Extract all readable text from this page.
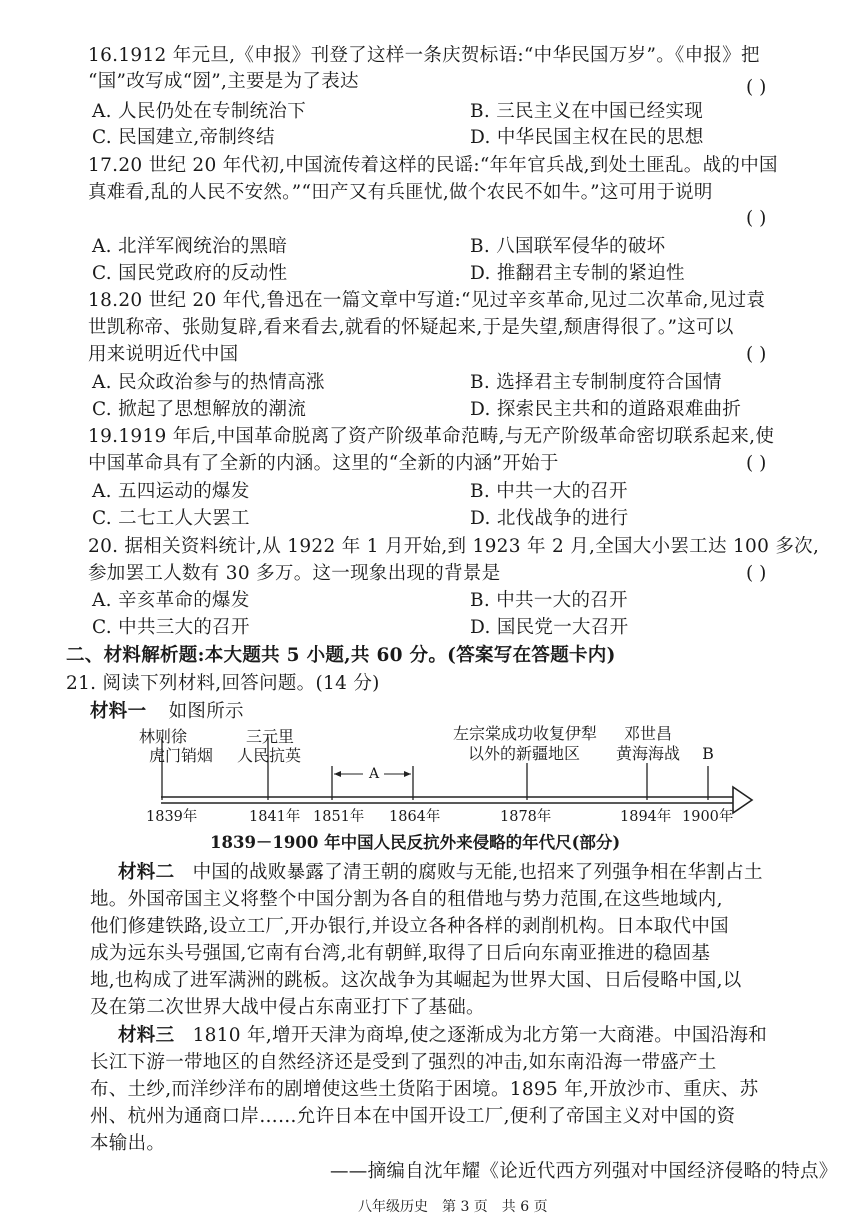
16.1912 年元旦,《申报》刊登了这样一条庆贺标语:“中华民国万岁”。《申报》把
“国”改写成“圀”,主要是为了表达	( )
A. 人民仍处在专制统治下	B. 三民主义在中国已经实现
C. 民国建立,帝制终结	D. 中华民国主权在民的思想
17.20 世纪 20 年代初,中国流传着这样的民谣:“年年官兵战,到处土匪乱。战的中国
真难看,乱的人民不安然。”“田产又有兵匪忧,做个农民不如牛。”这可用于说明
( )
A. 北洋军阀统治的黑暗	B. 八国联军侵华的破坏
C. 国民党政府的反动性	D. 推翻君主专制的紧迫性
18.20 世纪 20 年代,鲁迅在一篇文章中写道:“见过辛亥革命,见过二次革命,见过袁
世凯称帝、张勋复辟,看来看去,就看的怀疑起来,于是失望,颓唐得很了。”这可以
用来说明近代中国	( )
A. 民众政治参与的热情高涨	B. 选择君主专制制度符合国情
C. 掀起了思想解放的潮流	D. 探索民主共和的道路艰难曲折
19.1919 年后,中国革命脱离了资产阶级革命范畴,与无产阶级革命密切联系起来,使
中国革命具有了全新的内涵。这里的“全新的内涵”开始于	( )
A. 五四运动的爆发	B. 中共一大的召开
C. 二七工人大罢工	D. 北伐战争的进行
20. 据相关资料统计,从 1922 年 1 月开始,到 1923 年 2 月,全国大小罢工达 100 多次,
参加罢工人数有 30 多万。这一现象出现的背景是	( )
A. 辛亥革命的爆发	B. 中共一大的召开
C. 中共三大的召开	D. 国民党一大召开
二、材料解析题:本大题共 5 小题,共 60 分。(答案写在答题卡内)
21. 阅读下列材料,回答问题。(14 分)
材料一 如图所示
林则徐
虎门销烟
三元里
人民抗英
左宗棠成功收复伊犁
以外的新疆地区
邓世昌
黄海海战	B
A
1839年	1841年 1851年 1864年	1878年	1894年 1900年
1839－1900 年中国人民反抗外来侵略的年代尺(部分)
材料二 中国的战败暴露了清王朝的腐败与无能,也招来了列强争相在华割占土
地。外国帝国主义将整个中国分割为各自的租借地与势力范围,在这些地域内,
他们修建铁路,设立工厂,开办银行,并设立各种各样的剥削机构。日本取代中国
成为远东头号强国,它南有台湾,北有朝鲜,取得了日后向东南亚推进的稳固基
地,也构成了进军满洲的跳板。这次战争为其崛起为世界大国、日后侵略中国,以
及在第二次世界大战中侵占东南亚打下了基础。
材料三 1810 年,增开天津为商埠,使之逐渐成为北方第一大商港。中国沿海和
长江下游一带地区的自然经济还是受到了强烈的冲击,如东南沿海一带盛产土
布、土纱,而洋纱洋布的剧增使这些土货陷于困境。1895 年,开放沙市、重庆、苏
州、杭州为通商口岸……允许日本在中国开设工厂,便利了帝国主义对中国的资
本输出。
——摘编自沈年耀《论近代西方列强对中国经济侵略的特点》
八年级历史　第 3 页　共 6 页
